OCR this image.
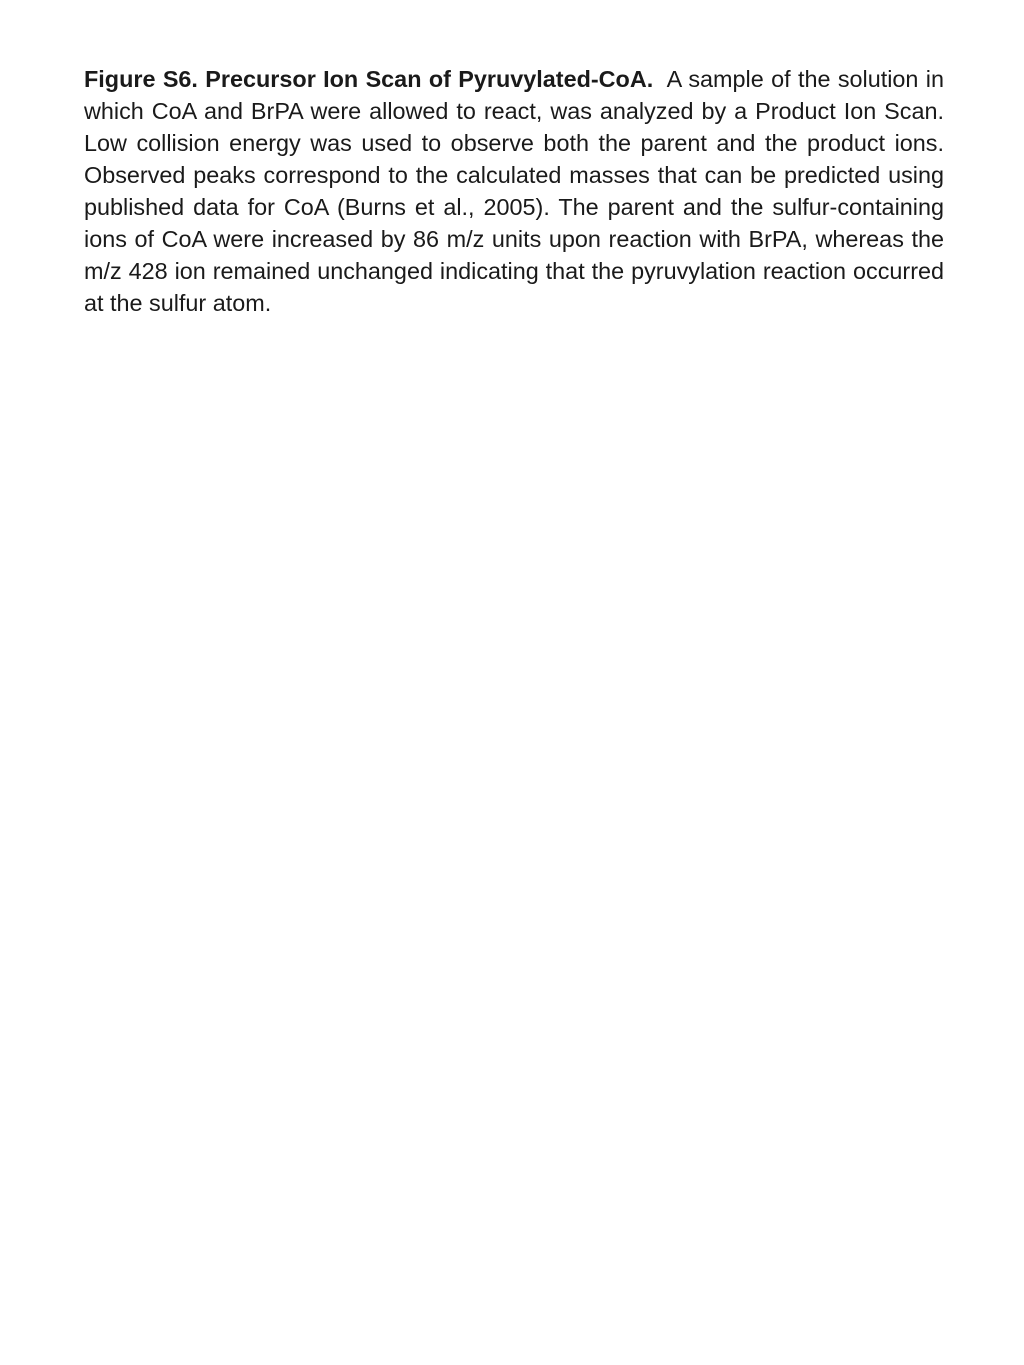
Figure S6. Precursor Ion Scan of Pyruvylated-CoA. A sample of the solution in which CoA and BrPA were allowed to react, was analyzed by a Product Ion Scan. Low collision energy was used to observe both the parent and the product ions. Observed peaks correspond to the calculated masses that can be predicted using published data for CoA (Burns et al., 2005). The parent and the sulfur-containing ions of CoA were increased by 86 m/z units upon reaction with BrPA, whereas the m/z 428 ion remained unchanged indicating that the pyruvylation reaction occurred at the sulfur atom.
